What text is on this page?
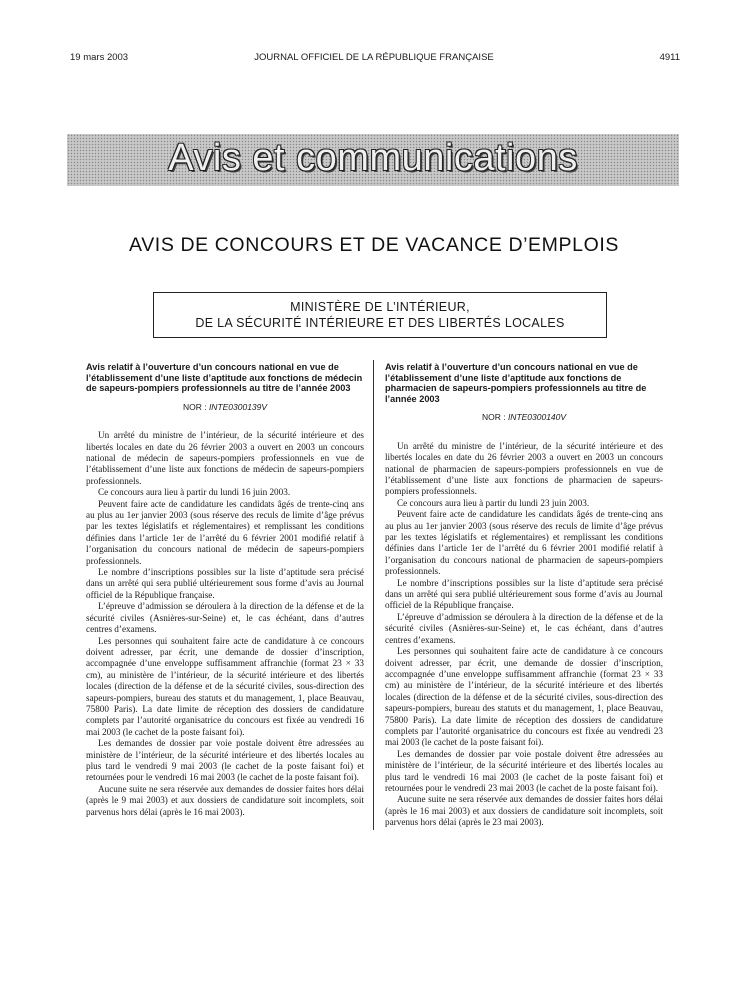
19 mars 2003	JOURNAL OFFICIEL DE LA RÉPUBLIQUE FRANÇAISE	4911
Avis et communications
AVIS DE CONCOURS ET DE VACANCE D’EMPLOIS
MINISTÈRE DE L’INTÉRIEUR,
DE LA SÉCURITÉ INTÉRIEURE ET DES LIBERTÉS LOCALES

Avis relatif à l’ouverture d’un concours national en vue de l’établissement d’une liste d’aptitude aux fonctions de médecin de sapeurs-pompiers professionnels au titre de l’année 2003

NOR : INTE0300139V

Un arrêté du ministre de l’intérieur, de la sécurité intérieure et des libertés locales en date du 26 février 2003 a ouvert en 2003 un concours national de médecin de sapeurs-pompiers professionnels en vue de l’établissement d’une liste aux fonctions de médecin de sapeurs-pompiers professionnels.

Ce concours aura lieu à partir du lundi 16 juin 2003.

Peuvent faire acte de candidature les candidats âgés de trente-cinq ans au plus au 1er janvier 2003 (sous réserve des reculs de limite d’âge prévus par les textes législatifs et réglementaires) et remplissant les conditions définies dans l’article 1er de l’arrêté du 6 février 2001 modifié relatif à l’organisation du concours national de médecin de sapeurs-pompiers professionnels.

Le nombre d’inscriptions possibles sur la liste d’aptitude sera précisé dans un arrêté qui sera publié ultérieurement sous forme d’avis au Journal officiel de la République française.

L’épreuve d’admission se déroulera à la direction de la défense et de la sécurité civiles (Asnières-sur-Seine) et, le cas échéant, dans d’autres centres d’examens.

Les personnes qui souhaitent faire acte de candidature à ce concours doivent adresser, par écrit, une demande de dossier d’inscription, accompagnée d’une enveloppe suffisamment affranchie (format 23 × 33 cm), au ministère de l’intérieur, de la sécurité intérieure et des libertés locales (direction de la défense et de la sécurité civiles, sous-direction des sapeurs-pompiers, bureau des statuts et du management, 1, place Beauvau, 75800 Paris). La date limite de réception des dossiers de candidature complets par l’autorité organisatrice du concours est fixée au vendredi 16 mai 2003 (le cachet de la poste faisant foi).

Les demandes de dossier par voie postale doivent être adressées au ministère de l’intérieur, de la sécurité intérieure et des libertés locales au plus tard le vendredi 9 mai 2003 (le cachet de la poste faisant foi) et retournées pour le vendredi 16 mai 2003 (le cachet de la poste faisant foi).

Aucune suite ne sera réservée aux demandes de dossier faites hors délai (après le 9 mai 2003) et aux dossiers de candidature soit incomplets, soit parvenus hors délai (après le 16 mai 2003).

Avis relatif à l’ouverture d’un concours national en vue de l’établissement d’une liste d’aptitude aux fonctions de pharmacien de sapeurs-pompiers professionnels au titre de l’année 2003

NOR : INTE0300140V

Un arrêté du ministre de l’intérieur, de la sécurité intérieure et des libertés locales en date du 26 février 2003 a ouvert en 2003 un concours national de pharmacien de sapeurs-pompiers professionnels en vue de l’établissement d’une liste aux fonctions de pharmacien de sapeurs-pompiers professionnels.

Ce concours aura lieu à partir du lundi 23 juin 2003.

Peuvent faire acte de candidature les candidats âgés de trente-cinq ans au plus au 1er janvier 2003 (sous réserve des reculs de limite d’âge prévus par les textes législatifs et réglementaires) et remplissant les conditions définies dans l’article 1er de l’arrêté du 6 février 2001 modifié relatif à l’organisation du concours national de pharmacien de sapeurs-pompiers professionnels.

Le nombre d’inscriptions possibles sur la liste d’aptitude sera précisé dans un arrêté qui sera publié ultérieurement sous forme d’avis au Journal officiel de la République française.

L’épreuve d’admission se déroulera à la direction de la défense et de la sécurité civiles (Asnières-sur-Seine) et, le cas échéant, dans d’autres centres d’examens.

Les personnes qui souhaitent faire acte de candidature à ce concours doivent adresser, par écrit, une demande de dossier d’inscription, accompagnée d’une enveloppe suffisamment affranchie (format 23 × 33 cm) au ministère de l’intérieur, de la sécurité intérieure et des libertés locales (direction de la défense et de la sécurité civiles, sous-direction des sapeurs-pompiers, bureau des statuts et du management, 1, place Beauvau, 75800 Paris). La date limite de réception des dossiers de candidature complets par l’autorité organisatrice du concours est fixée au vendredi 23 mai 2003 (le cachet de la poste faisant foi).

Les demandes de dossier par voie postale doivent être adressées au ministère de l’intérieur, de la sécurité intérieure et des libertés locales au plus tard le vendredi 16 mai 2003 (le cachet de la poste faisant foi) et retournées pour le vendredi 23 mai 2003 (le cachet de la poste faisant foi).

Aucune suite ne sera réservée aux demandes de dossier faites hors délai (après le 16 mai 2003) et aux dossiers de candidature soit incomplets, soit parvenus hors délai (après le 23 mai 2003).
